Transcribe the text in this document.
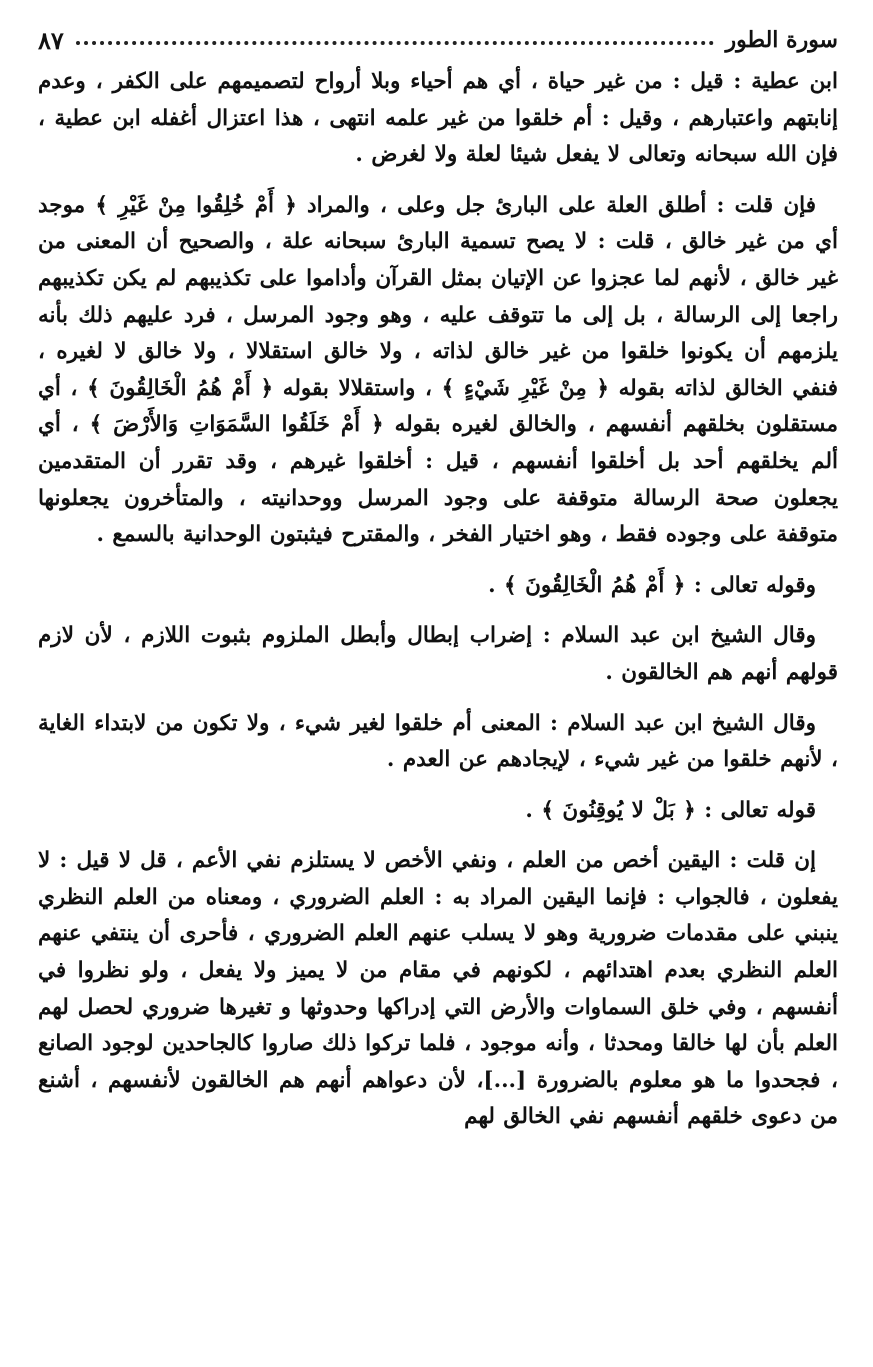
سورة الطور
٨٧

ابن عطية : قيل : من غير حياة ، أي هم أحياء وبلا أرواح لتصميمهم على الكفر ، وعدم إنابتهم واعتبارهم ، وقيل : أم خلقوا من غير علمه انتهى ، هذا اعتزال أغفله ابن عطية ، فإن الله سبحانه وتعالى لا يفعل شيئا لعلة ولا لغرض .

فإن قلت : أطلق العلة على البارئ جل وعلى ، والمراد ﴿ أَمْ خُلِقُوا مِنْ غَيْرِ ﴾ موجد أي من غير خالق ، قلت : لا يصح تسمية البارئ سبحانه علة ، والصحيح أن المعنى من غير خالق ، لأنهم لما عجزوا عن الإتيان بمثل القرآن وأداموا على تكذيبهم لم يكن تكذيبهم راجعا إلى الرسالة ، بل إلى ما تتوقف عليه ، وهو وجود المرسل ، فرد عليهم ذلك بأنه يلزمهم أن يكونوا خلقوا من غير خالق لذاته ، ولا خالق استقلالا ، ولا خالق لا لغيره ، فنفي الخالق لذاته بقوله ﴿ مِنْ غَيْرِ شَيْءٍ ﴾ ، واستقلالا بقوله ﴿ أَمْ هُمُ الْخَالِقُونَ ﴾ ، أي مستقلون بخلقهم أنفسهم ، والخالق لغيره بقوله ﴿ أَمْ خَلَقُوا السَّمَوَاتِ وَالأَرْضَ ﴾ ، أي ألم يخلقهم أحد بل أخلقوا أنفسهم ، قيل : أخلقوا غيرهم ، وقد تقرر أن المتقدمين يجعلون صحة الرسالة متوقفة على وجود المرسل ووحدانيته ، والمتأخرون يجعلونها متوقفة على وجوده فقط ، وهو اختيار الفخر ، والمقترح فيثبتون الوحدانية بالسمع .

وقوله تعالى : ﴿ أَمْ هُمُ الْخَالِقُونَ ﴾ .

وقال الشيخ ابن عبد السلام : إضراب إبطال وأبطل الملزوم بثبوت اللازم ، لأن لازم قولهم أنهم هم الخالقون .

وقال الشيخ ابن عبد السلام : المعنى أم خلقوا لغير شيء ، ولا تكون من لابتداء الغاية ، لأنهم خلقوا من غير شيء ، لإيجادهم عن العدم .

قوله تعالى : ﴿ بَلْ لا يُوقِنُونَ ﴾ .

إن قلت : اليقين أخص من العلم ، ونفي الأخص لا يستلزم نفي الأعم ، قل لا قيل : لا يفعلون ، فالجواب : فإنما اليقين المراد به : العلم الضروري ، ومعناه من العلم النظري ينبني على مقدمات ضرورية وهو لا يسلب عنهم العلم الضروري ، فأحرى أن ينتفي عنهم العلم النظري بعدم اهتدائهم ، لكونهم في مقام من لا يميز ولا يفعل ، ولو نظروا في أنفسهم ، وفي خلق السماوات والأرض التي إدراكها وحدوثها و تغيرها ضروري لحصل لهم العلم بأن لها خالقا ومحدثا ، وأنه موجود ، فلما تركوا ذلك صاروا كالجاحدين لوجود الصانع ، فجحدوا ما هو معلوم بالضرورة [...]، لأن دعواهم أنهم هم الخالقون لأنفسهم ، أشنع من دعوى خلقهم أنفسهم نفي الخالق لهم
